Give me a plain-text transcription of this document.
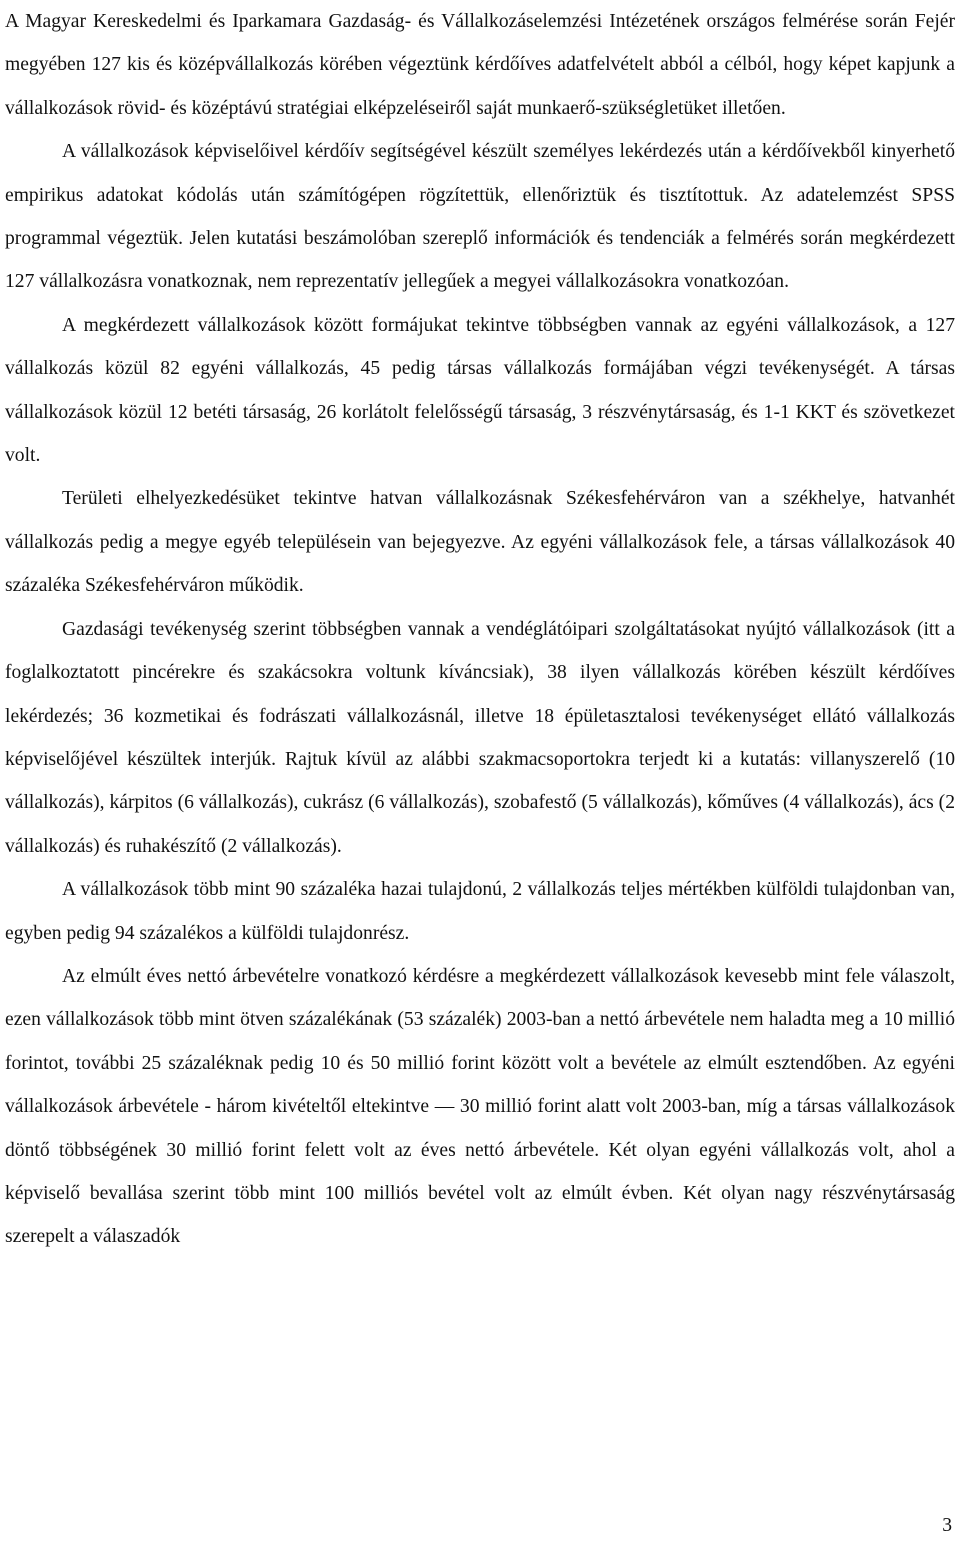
A Magyar Kereskedelmi és Iparkamara Gazdaság- és Vállalkozáselemzési Intézetének országos felmérése során Fejér megyében 127 kis és középvállalkozás körében végeztünk kérdőíves adatfelvételt abból a célból, hogy képet kapjunk a vállalkozások rövid- és középtávú stratégiai elképzeléseiről saját munkaerő-szükségletüket illetően.

A vállalkozások képviselőivel kérdőív segítségével készült személyes lekérdezés után a kérdőívekből kinyerhető empirikus adatokat kódolás után számítógépen rögzítettük, ellenőriztük és tisztítottuk. Az adatelemzést SPSS programmal végeztük. Jelen kutatási beszámolóban szereplő információk és tendenciák a felmérés során megkérdezett 127 vállalkozásra vonatkoznak, nem reprezentatív jellegűek a megyei vállalkozásokra vonatkozóan.

A megkérdezett vállalkozások között formájukat tekintve többségben vannak az egyéni vállalkozások, a 127 vállalkozás közül 82 egyéni vállalkozás, 45 pedig társas vállalkozás formájában végzi tevékenységét. A társas vállalkozások közül 12 betéti társaság, 26 korlátolt felelősségű társaság, 3 részvénytársaság, és 1-1 KKT és szövetkezet volt.

Területi elhelyezkedésüket tekintve hatvan vállalkozásnak Székesfehérváron van a székhelye, hatvanhét vállalkozás pedig a megye egyéb településein van bejegyezve. Az egyéni vállalkozások fele, a társas vállalkozások 40 százaléka Székesfehérváron működik.

Gazdasági tevékenység szerint többségben vannak a vendéglátóipari szolgáltatásokat nyújtó vállalkozások (itt a foglalkoztatott pincérekre és szakácsokra voltunk kíváncsiak), 38 ilyen vállalkozás körében készült kérdőíves lekérdezés; 36 kozmetikai és fodrászati vállalkozásnál, illetve 18 épületasztalosi tevékenységet ellátó vállalkozás képviselőjével készültek interjúk. Rajtuk kívül az alábbi szakmacsoportokra terjedt ki a kutatás: villanyszerelő (10 vállalkozás), kárpitos (6 vállalkozás), cukrász (6 vállalkozás), szobafestő (5 vállalkozás), kőműves (4 vállalkozás), ács (2 vállalkozás) és ruhakészítő (2 vállalkozás).

A vállalkozások több mint 90 százaléka hazai tulajdonú, 2 vállalkozás teljes mértékben külföldi tulajdonban van, egyben pedig 94 százalékos a külföldi tulajdonrész.

Az elmúlt éves nettó árbevételre vonatkozó kérdésre a megkérdezett vállalkozások kevesebb mint fele válaszolt, ezen vállalkozások több mint ötven százalékának (53 százalék) 2003-ban a nettó árbevétele nem haladta meg a 10 millió forintot, további 25 százaléknak pedig 10 és 50 millió forint között volt a bevétele az elmúlt esztendőben. Az egyéni vállalkozások árbevétele - három kivételtől eltekintve — 30 millió forint alatt volt 2003-ban, míg a társas vállalkozások döntő többségének 30 millió forint felett volt az éves nettó árbevétele. Két olyan egyéni vállalkozás volt, ahol a képviselő bevallása szerint több mint 100 milliós bevétel volt az elmúlt évben. Két olyan nagy részvénytársaság szerepelt a válaszadók

3
